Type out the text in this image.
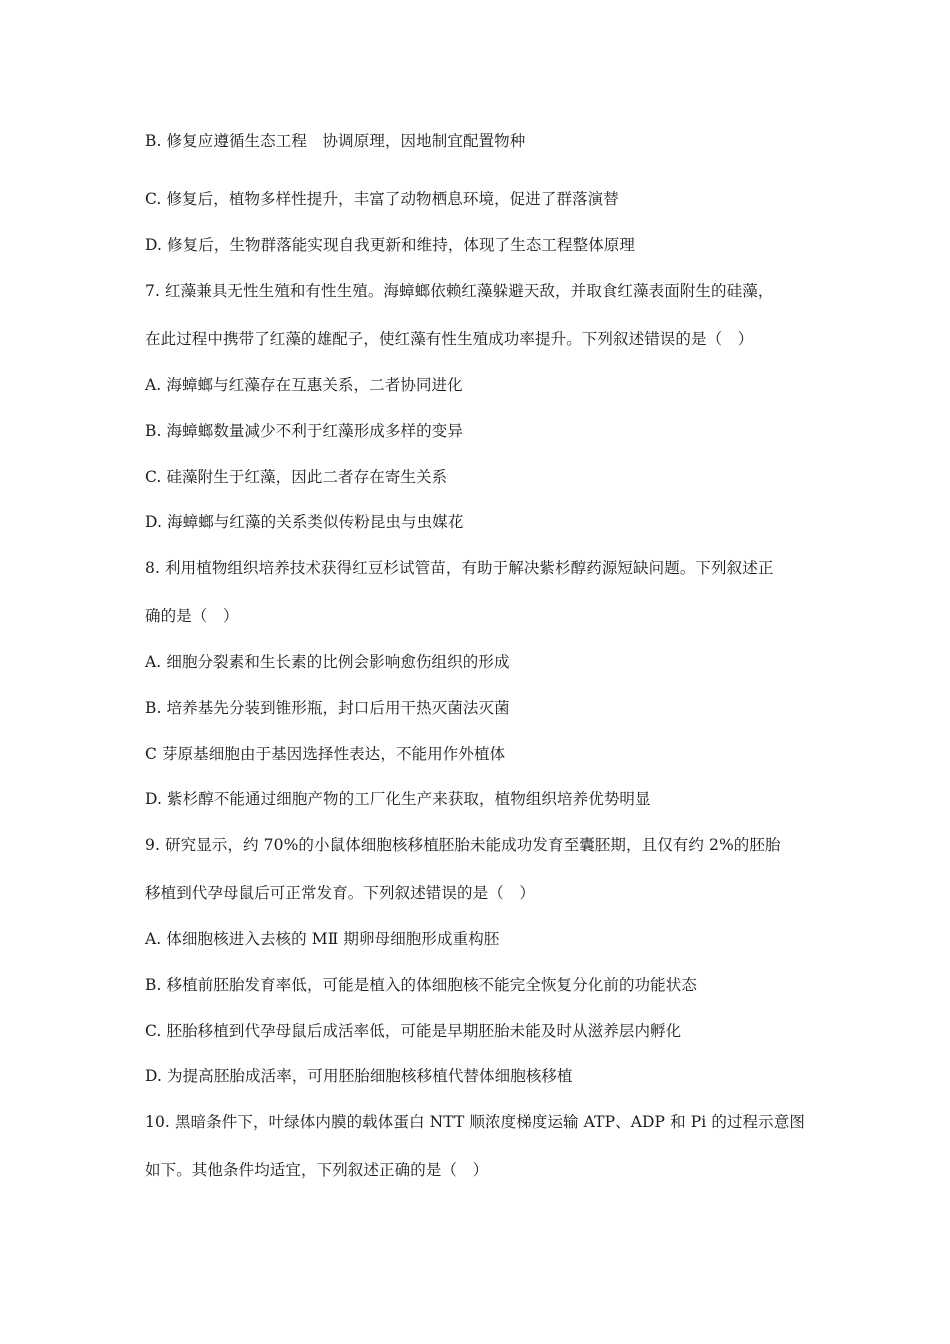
B. 修复应遵循生态工程　协调原理，因地制宜配置物种
C. 修复后，植物多样性提升，丰富了动物栖息环境，促进了群落演替
D. 修复后，生物群落能实现自我更新和维持，体现了生态工程整体原理
7. 红藻兼具无性生殖和有性生殖。海蟑螂依赖红藻躲避天敌，并取食红藻表面附生的硅藻，
在此过程中携带了红藻的雄配子，使红藻有性生殖成功率提升。下列叙述错误的是（　）
A. 海蟑螂与红藻存在互惠关系，二者协同进化
B. 海蟑螂数量减少不利于红藻形成多样的变异
C. 硅藻附生于红藻，因此二者存在寄生关系
D. 海蟑螂与红藻的关系类似传粉昆虫与虫媒花
8. 利用植物组织培养技术获得红豆杉试管苗，有助于解决紫杉醇药源短缺问题。下列叙述正
确的是（　）
A. 细胞分裂素和生长素的比例会影响愈伤组织的形成
B. 培养基先分装到锥形瓶，封口后用干热灭菌法灭菌
C 芽原基细胞由于基因选择性表达，不能用作外植体
D. 紫杉醇不能通过细胞产物的工厂化生产来获取，植物组织培养优势明显
9. 研究显示，约 70%的小鼠体细胞核移植胚胎未能成功发育至囊胚期，且仅有约 2%的胚胎
移植到代孕母鼠后可正常发育。下列叙述错误的是（　）
A. 体细胞核进入去核的 MⅡ 期卵母细胞形成重构胚
B. 移植前胚胎发育率低，可能是植入的体细胞核不能完全恢复分化前的功能状态
C. 胚胎移植到代孕母鼠后成活率低，可能是早期胚胎未能及时从滋养层内孵化
D. 为提高胚胎成活率，可用胚胎细胞核移植代替体细胞核移植
10. 黑暗条件下，叶绿体内膜的载体蛋白 NTT 顺浓度梯度运输 ATP、ADP 和 Pi 的过程示意图
如下。其他条件均适宜，下列叙述正确的是（　）
